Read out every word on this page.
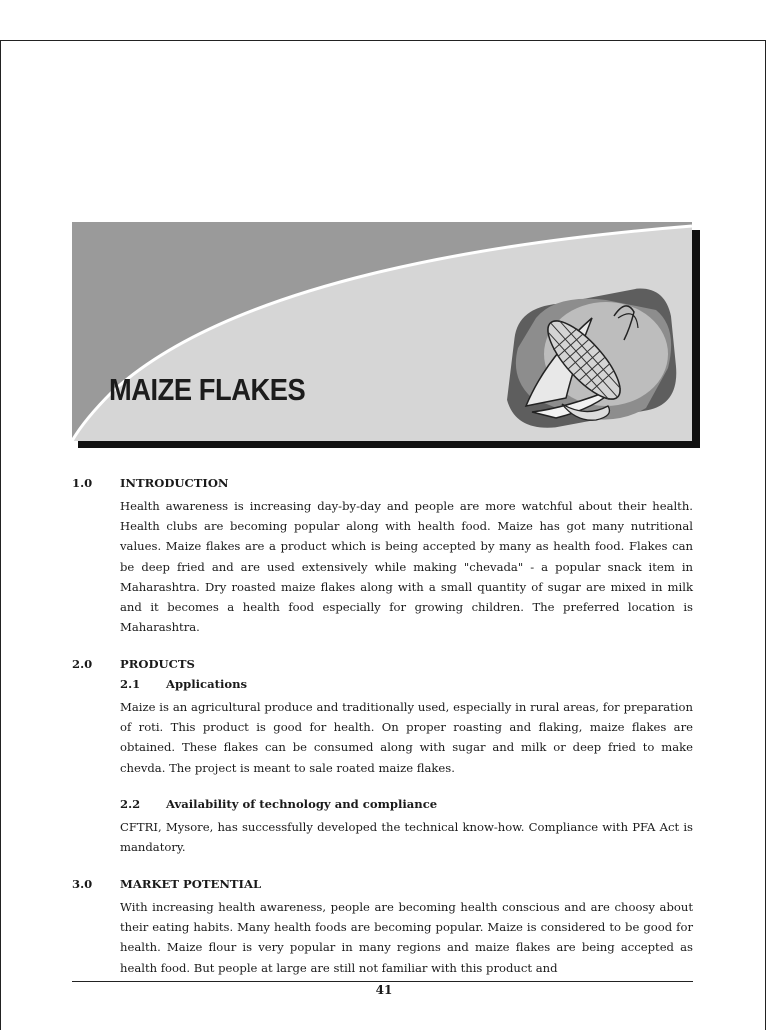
MAIZE FLAKES
1.0 INTRODUCTION

Health awareness is increasing day-by-day and people are more watchful about their health. Health clubs are becoming popular along with health food. Maize has got many nutritional values. Maize flakes are a product which is being accepted by many as health food. Flakes can be deep fried and are used extensively while making "chevada" - a popular snack item in Maharashtra. Dry roasted maize flakes along with a small quantity of sugar are mixed in milk and it becomes a health food especially for growing children. The preferred location is Maharashtra.

2.0 PRODUCTS
2.1 Applications

Maize is an agricultural produce and traditionally used, especially in rural areas, for preparation of roti. This product is good for health. On proper roasting and flaking, maize flakes are obtained. These flakes can be consumed along with sugar and milk or deep fried to make chevda. The project is meant to sale roated maize flakes.

2.2 Availability of technology and compliance

CFTRI, Mysore, has successfully developed the technical know-how. Compliance with PFA Act is mandatory.

3.0 MARKET POTENTIAL

With increasing health awareness, people are becoming health conscious and are choosy about their eating habits. Many health foods are becoming popular. Maize is considered to be good for health. Maize flour is very popular in many regions and maize flakes are being accepted as health food. But people at large are still not familiar with this product and

41
